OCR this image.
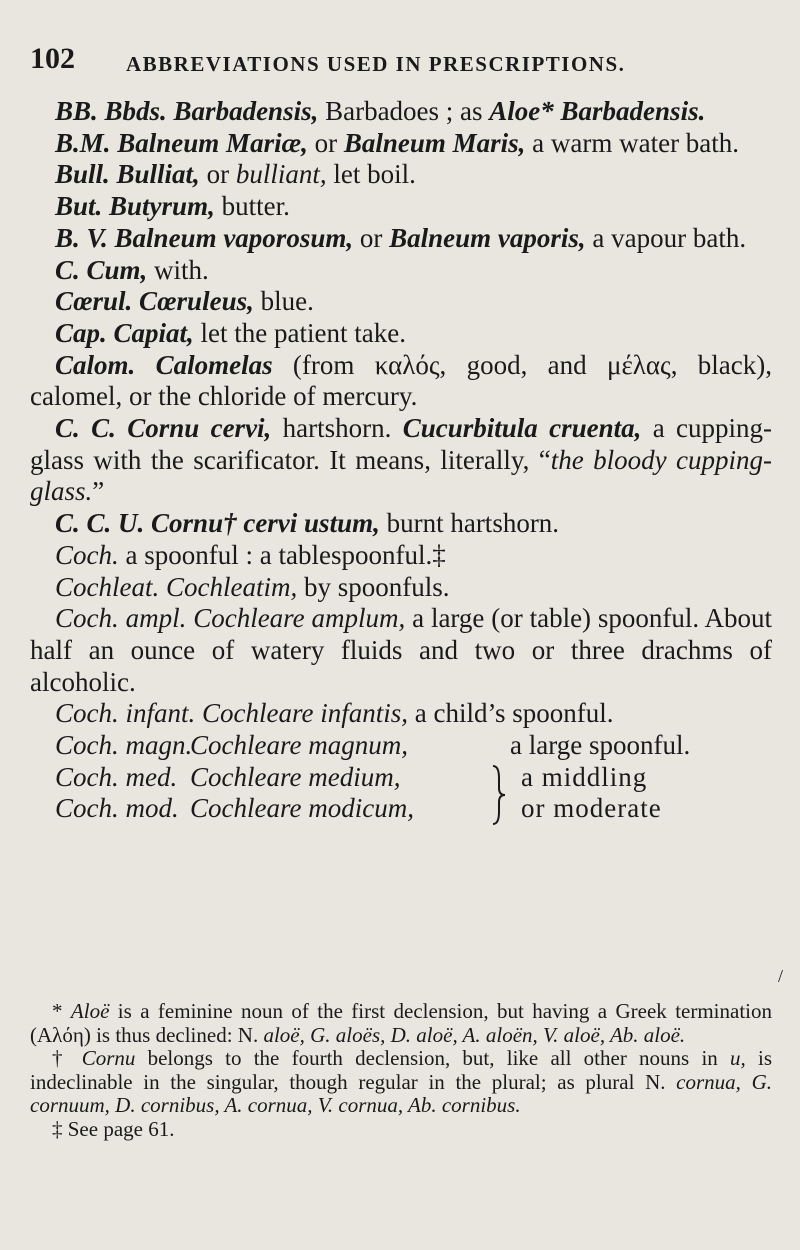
102 ABBREVIATIONS USED IN PRESCRIPTIONS.

BB. Bbds. Barbadensis, Barbadoes ; as Aloe* Barbadensis.

B.M. Balneum Mariæ, or Balneum Maris, a warm water bath.

Bull. Bulliat, or bulliant, let boil.

But. Butyrum, butter.

B. V. Balneum vaporosum, or Balneum vaporis, a vapour bath.

C. Cum, with.

Cœrul. Cœruleus, blue.

Cap. Capiat, let the patient take.

Calom. Calomelas (from καλός, good, and μέλας, black), calomel, or the chloride of mercury.

C. C. Cornu cervi, hartshorn. Cucurbitula cruenta, a cupping-glass with the scarificator. It means, literally, “the bloody cupping-glass.”

C. C. U. Cornu† cervi ustum, burnt hartshorn.

Coch. a spoonful : a tablespoonful.‡

Cochleat. Cochleatim, by spoonfuls.

Coch. ampl. Cochleare amplum, a large (or table) spoonful. About half an ounce of watery fluids and two or three drachms of alcoholic.

Coch. infant. Cochleare infantis, a child’s spoonful.

Coch. magn.
Cochleare magnum,	a large spoonful.
Coch. med. Cochleare medium,	a middling
Coch. mod. Cochleare modicum,	or moderate
/

* Aloë is a feminine noun of the first declension, but having a Greek termination (Αλόη) is thus declined: N. aloë, G. aloës, D. aloë, A. aloën, V. aloë, Ab. aloë.

† Cornu belongs to the fourth declension, but, like all other nouns in u, is indeclinable in the singular, though regular in the plural; as plural N. cornua, G. cornuum, D. cornibus, A. cornua, V. cornua, Ab. cornibus.

‡ See page 61.
